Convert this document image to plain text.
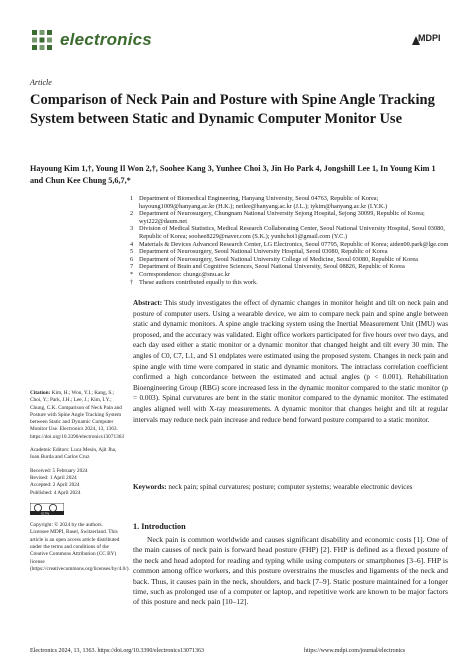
electronics	MDPI
Article
Comparison of Neck Pain and Posture with Spine Angle Tracking System between Static and Dynamic Computer Monitor Use
Hayoung Kim 1,†, Young Il Won 2,†, Soohee Kang 3, Yunhee Choi 3, Jin Ho Park 4, Jongshill Lee 1, In Young Kim 1 and Chun Kee Chung 5,6,7,*
1 Department of Biomedical Engineering, Hanyang University, Seoul 04763, Republic of Korea; hayoung1009@hanyang.ac.kr (H.K.); netlee@hanyang.ac.kr (J.L.); iykim@hanyang.ac.kr (I.Y.K.)
2 Department of Neurosurgery, Chungnam National University Sejong Hospital, Sejong 30099, Republic of Korea; wyi222@daum.net
3 Division of Medical Statistics, Medical Research Collaborating Center, Seoul National University Hospital, Seoul 03080, Republic of Korea; soohee8229@naver.com (S.K.); yunhchoi1@gmail.com (Y.C.)
4 Materials & Devices Advanced Research Center, LG Electronics, Seoul 07795, Republic of Korea; aiden00.park@lge.com
5 Department of Neurosurgery, Seoul National University Hospital, Seoul 03080, Republic of Korea
6 Department of Neurosurgery, Seoul National University College of Medicine, Seoul 03080, Republic of Korea
7 Department of Brain and Cognitive Sciences, Seoul National University, Seoul 08826, Republic of Korea
* Correspondence: chungc@snu.ac.kr
† These authors contributed equally to this work.
Abstract: This study investigates the effect of dynamic changes in monitor height and tilt on neck pain and posture of computer users. Using a wearable device, we aim to compare neck pain and spine angle between static and dynamic monitors. A spine angle tracking system using the Inertial Measurement Unit (IMU) was proposed, and the accuracy was validated. Eight office workers participated for five hours over two days, and each day used either a static monitor or a dynamic monitor that changed height and tilt every 30 min. The angles of C0, C7, L1, and S1 endplates were estimated using the proposed system. Changes in neck pain and spine angle with time were compared in static and dynamic monitors. The intraclass correlation coefficient confirmed a high concordance between the estimated and actual angles (p < 0.001). Rehabilitation Bioengineering Group (RBG) score increased less in the dynamic monitor compared to the static monitor (p = 0.003). Spinal curvatures are bent in the static monitor compared to the dynamic monitor. The estimated angles aligned well with X-ray measurements. A dynamic monitor that changes height and tilt at regular intervals may reduce neck pain increase and reduce bend forward posture compared to a static monitor.
Keywords: neck pain; spinal curvatures; posture; computer systems; wearable electronic devices
Citation: Kim, H.; Won, Y.I.; Kang, S.; Choi, Y.; Park, J.H.; Lee, J.; Kim, I.Y.; Chung, C.K. Comparison of Neck Pain and Posture with Spine Angle Tracking System between Static and Dynamic Computer Monitor Use. Electronics 2024, 13, 1363. https://doi.org/10.3390/electronics13071363
Academic Editors: Luca Mesin, Ajit Jha, Ioan Burda and Carlos Cruz
Received: 5 February 2024
Revised: 1 April 2024
Accepted: 2 April 2024
Published: 4 April 2024
cc by
Copyright: © 2024 by the authors. Licensee MDPI, Basel, Switzerland. This article is an open access article distributed under the terms and conditions of the Creative Commons Attribution (CC BY) license (https://creativecommons.org/licenses/by/4.0/).
1. Introduction
Neck pain is common worldwide and causes significant disability and economic costs [1]. One of the main causes of neck pain is forward head posture (FHP) [2]. FHP is defined as a flexed posture of the neck and head adopted for reading and typing while using computers or smartphones [3–6]. FHP is common among office workers, and this posture overstrains the muscles and ligaments of the neck and back. Thus, it causes pain in the neck, shoulders, and back [7–9]. Static posture maintained for a longer time, such as prolonged use of a computer or laptop, and repetitive work are known to be major factors of this posture and neck pain [10–12].
Electronics 2024, 13, 1363. https://doi.org/10.3390/electronics13071363	https://www.mdpi.com/journal/electronics
